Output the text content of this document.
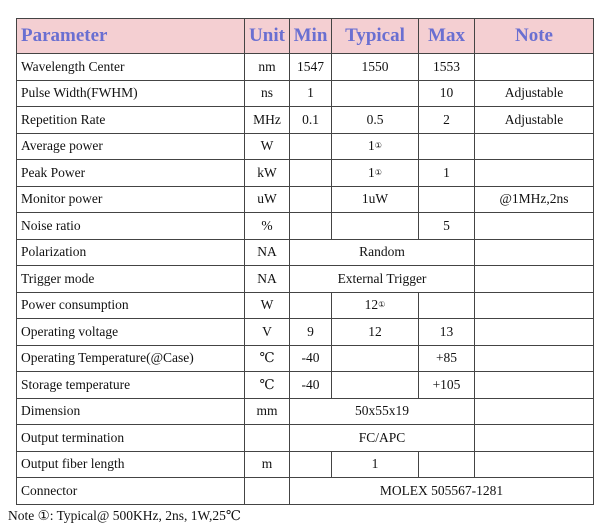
Parameter	Unit	Min	Typical	Max	Note
Wavelength Center	nm	1547	1550	1553	
Pulse Width(FWHM)	ns	1		10	Adjustable
Repetition Rate	MHz	0.1	0.5	2	Adjustable
Average power	W		1①		
Peak Power	kW		1①	1	
Monitor power	uW		1uW		@1MHz,2ns
Noise ratio	%			5	
Polarization	NA	Random			
Trigger mode	NA	External Trigger			
Power consumption	W		12①		
Operating voltage	V	9	12	13	
Operating Temperature(@Case)	℃	-40		+85	
Storage temperature	℃	-40		+105	
Dimension	mm	50x55x19			
Output termination		FC/APC			
Output fiber length	m		1		
Connector		MOLEX 505567-1281			
Note ①: Typical@ 500KHz, 2ns, 1W,25℃
